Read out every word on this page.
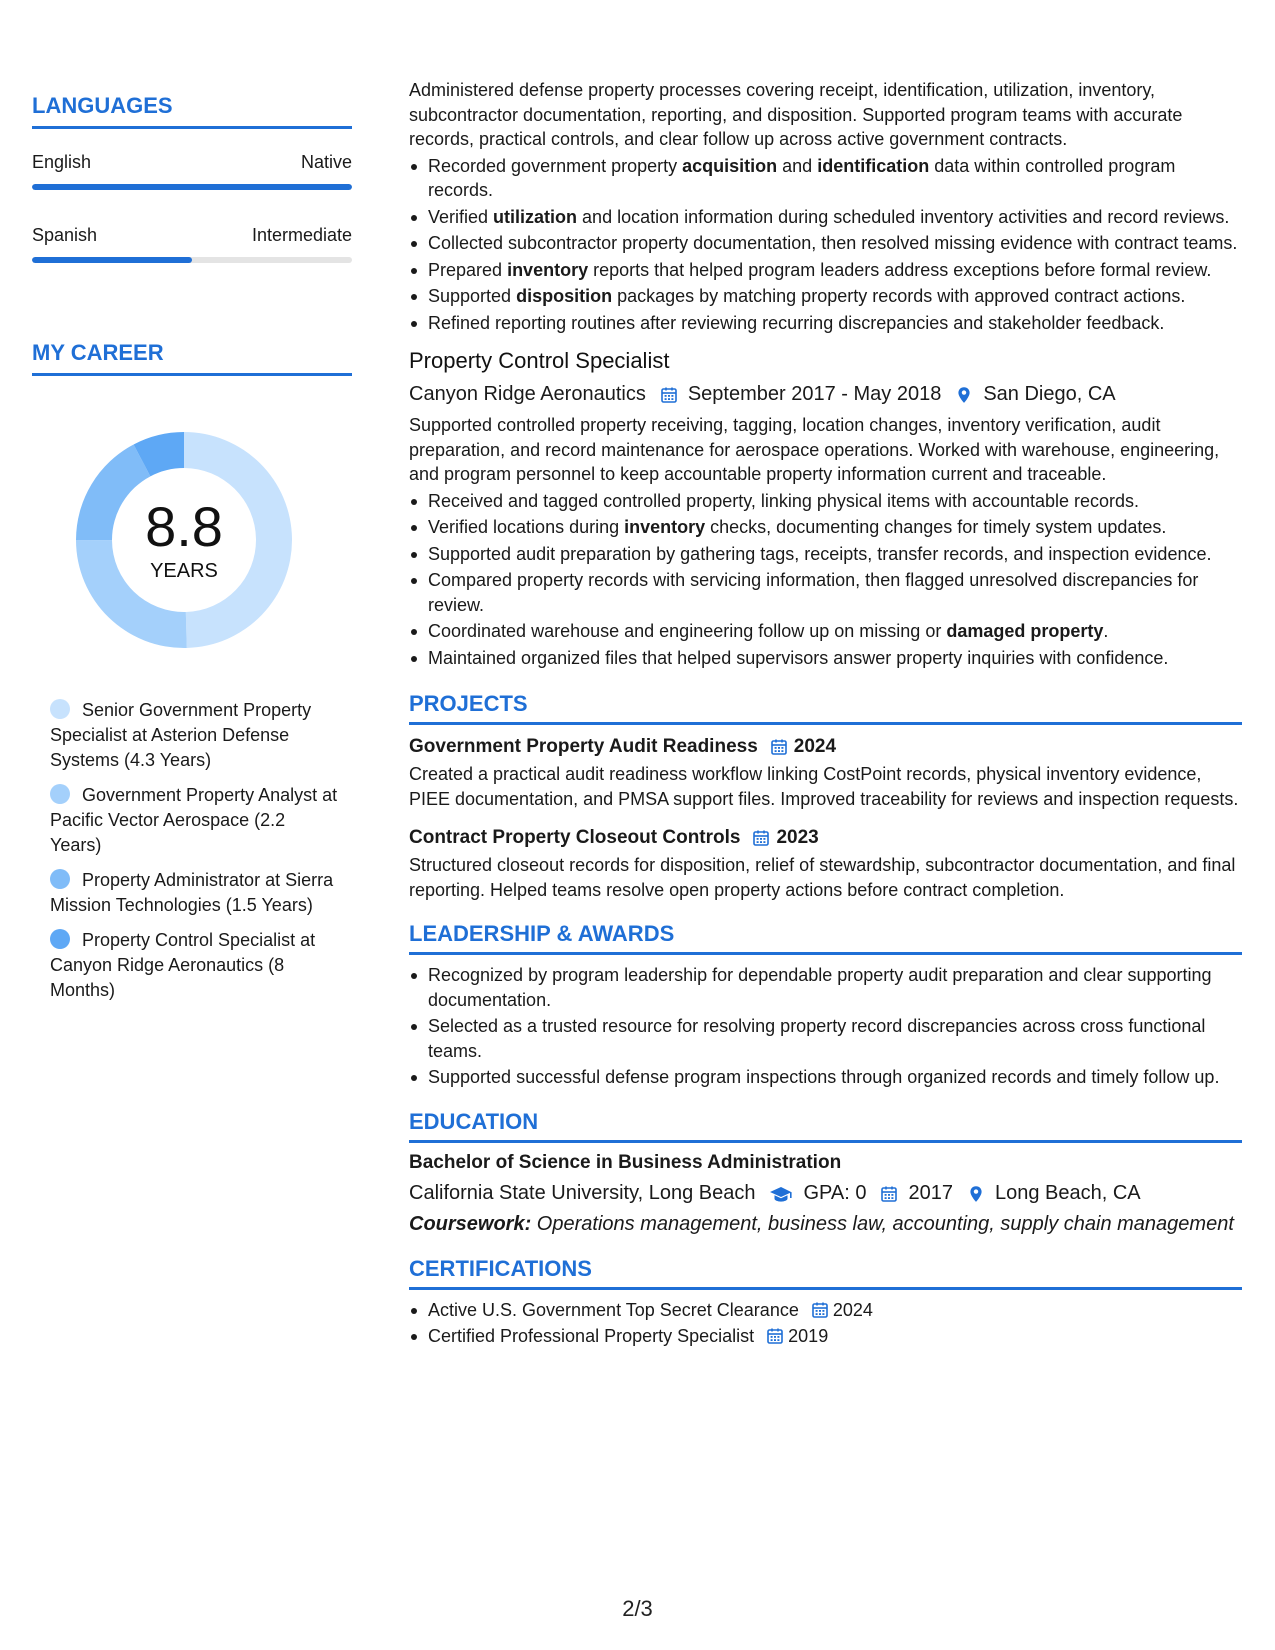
LANGUAGES
English	Native
Spanish	Intermediate
MY CAREER
8.8
YEARS
Senior Government Property Specialist at Asterion Defense Systems (4.3 Years)
Government Property Analyst at Pacific Vector Aerospace (2.2 Years)
Property Administrator at Sierra Mission Technologies (1.5 Years)
Property Control Specialist at Canyon Ridge Aeronautics (8 Months)
Administered defense property processes covering receipt, identification, utilization, inventory, subcontractor documentation, reporting, and disposition. Supported program teams with accurate records, practical controls, and clear follow up across active government contracts.
Recorded government property acquisition and identification data within controlled program records.
Verified utilization and location information during scheduled inventory activities and record reviews.
Collected subcontractor property documentation, then resolved missing evidence with contract teams.
Prepared inventory reports that helped program leaders address exceptions before formal review.
Supported disposition packages by matching property records with approved contract actions.
Refined reporting routines after reviewing recurring discrepancies and stakeholder feedback.
Property Control Specialist
Canyon Ridge Aeronautics September 2017 - May 2018 San Diego, CA
Supported controlled property receiving, tagging, location changes, inventory verification, audit preparation, and record maintenance for aerospace operations. Worked with warehouse, engineering, and program personnel to keep accountable property information current and traceable.
Received and tagged controlled property, linking physical items with accountable records.
Verified locations during inventory checks, documenting changes for timely system updates.
Supported audit preparation by gathering tags, receipts, transfer records, and inspection evidence.
Compared property records with servicing information, then flagged unresolved discrepancies for review.
Coordinated warehouse and engineering follow up on missing or damaged property.
Maintained organized files that helped supervisors answer property inquiries with confidence.
PROJECTS
Government Property Audit Readiness 2024
Created a practical audit readiness workflow linking CostPoint records, physical inventory evidence, PIEE documentation, and PMSA support files. Improved traceability for reviews and inspection requests.
Contract Property Closeout Controls 2023
Structured closeout records for disposition, relief of stewardship, subcontractor documentation, and final reporting. Helped teams resolve open property actions before contract completion.
LEADERSHIP & AWARDS
Recognized by program leadership for dependable property audit preparation and clear supporting documentation.
Selected as a trusted resource for resolving property record discrepancies across cross functional teams.
Supported successful defense program inspections through organized records and timely follow up.
EDUCATION
Bachelor of Science in Business Administration
California State University, Long Beach GPA: 0 2017 Long Beach, CA
Coursework: Operations management, business law, accounting, supply chain management
CERTIFICATIONS
Active U.S. Government Top Secret Clearance 2024
Certified Professional Property Specialist 2019
2/3
